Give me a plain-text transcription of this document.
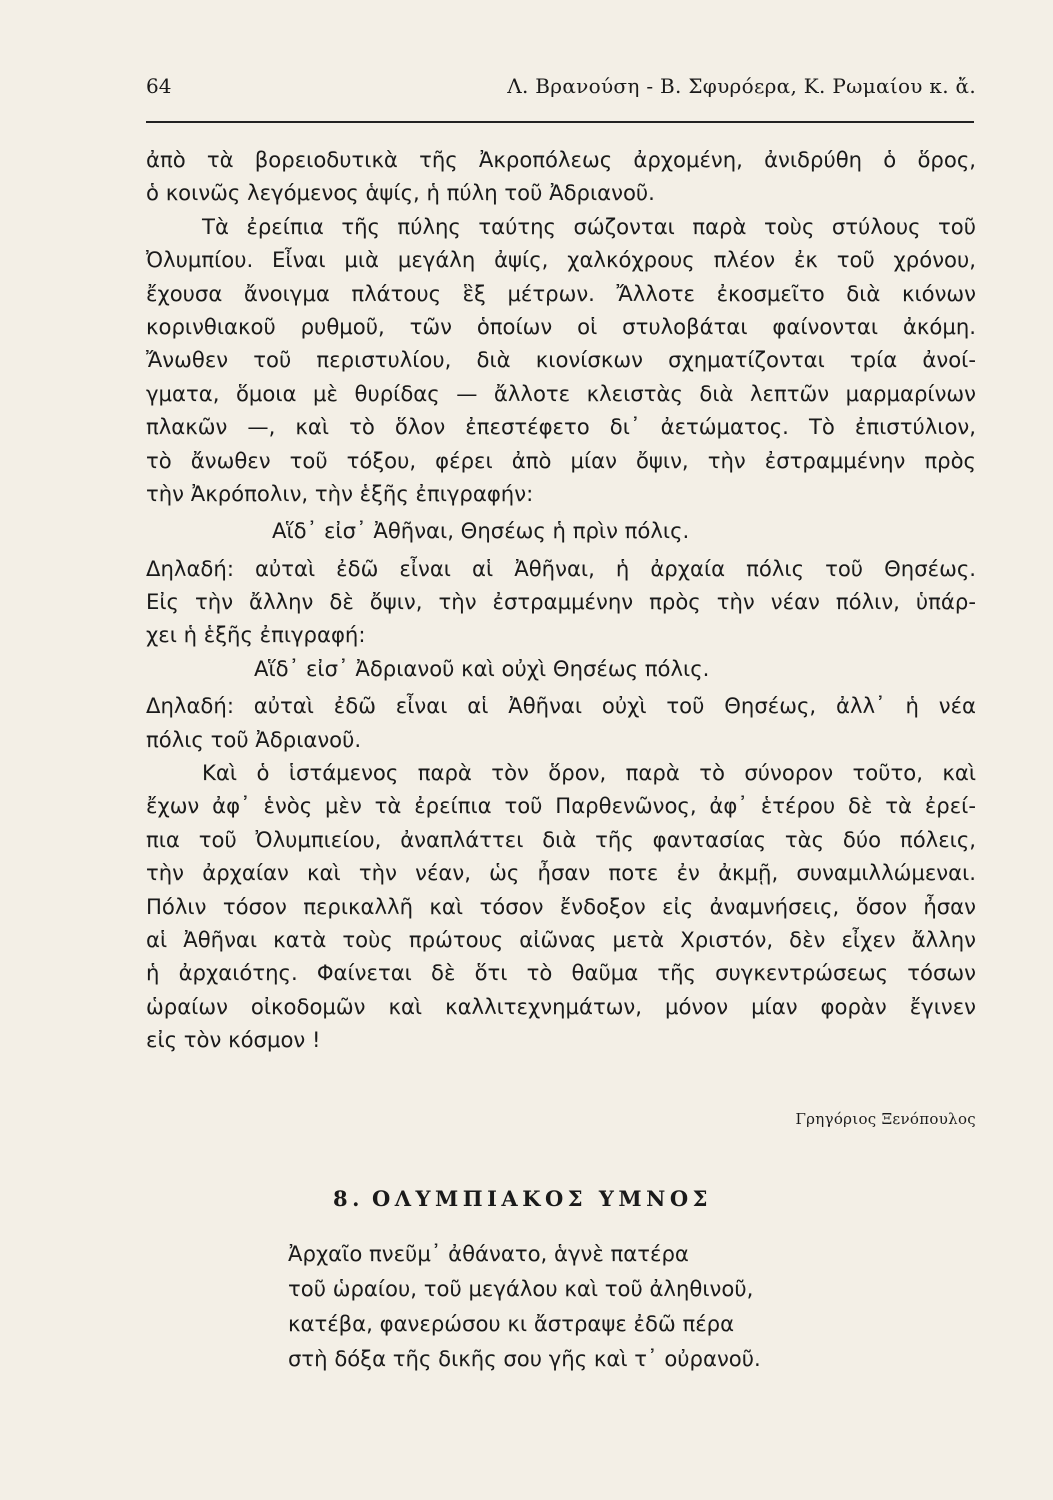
64	Λ. Βρανούση - Β. Σφυρόερα, Κ. Ρωμαίου κ. ἄ.
ἀπὸ τὰ βορειοδυτικὰ τῆς Ἀκροπόλεως ἀρχομένη, ἀνιδρύθη ὁ ὅρος,
ὁ κοινῶς λεγόμενος ἁψίς, ἡ πύλη τοῦ Ἀδριανοῦ.
Τὰ ἐρείπια τῆς πύλης ταύτης σώζονται παρὰ τοὺς στύλους τοῦ
Ὀλυμπίου. Εἶναι μιὰ μεγάλη ἀψίς, χαλκόχρους πλέον ἐκ τοῦ χρόνου,
ἔχουσα ἄνοιγμα πλάτους ἓξ μέτρων. Ἄλλοτε ἐκοσμεῖτο διὰ κιόνων
κορινθιακοῦ ρυθμοῦ, τῶν ὁποίων οἱ στυλοβάται φαίνονται ἀκόμη.
Ἄνωθεν τοῦ περιστυλίου, διὰ κιονίσκων σχηματίζονται τρία ἀνοί-
γματα, ὅμοια μὲ θυρίδας — ἄλλοτε κλειστὰς διὰ λεπτῶν μαρμαρίνων
πλακῶν —, καὶ τὸ ὅλον ἐπεστέφετο δι᾿ ἀετώματος. Τὸ ἐπιστύλιον,
τὸ ἄνωθεν τοῦ τόξου, φέρει ἀπὸ μίαν ὄψιν, τὴν ἐστραμμένην πρὸς
τὴν Ἀκρόπολιν, τὴν ἑξῆς ἐπιγραφήν:
Αἵδ᾿ εἰσ᾿ Ἀθῆναι, Θησέως ἡ πρὶν πόλις.
Δηλαδή: αὐταὶ ἐδῶ εἶναι αἱ Ἀθῆναι, ἡ ἀρχαία πόλις τοῦ Θησέως.
Εἰς τὴν ἄλλην δὲ ὄψιν, τὴν ἐστραμμένην πρὸς τὴν νέαν πόλιν, ὑπάρ-
χει ἡ ἑξῆς ἐπιγραφή:
Αἵδ᾿ εἰσ᾿ Ἀδριανοῦ καὶ οὐχὶ Θησέως πόλις.
Δηλαδή: αὐταὶ ἐδῶ εἶναι αἱ Ἀθῆναι οὐχὶ τοῦ Θησέως, ἀλλ᾿ ἡ νέα
πόλις τοῦ Ἀδριανοῦ.
Καὶ ὁ ἱστάμενος παρὰ τὸν ὅρον, παρὰ τὸ σύνορον τοῦτο, καὶ
ἔχων ἀφ᾿ ἑνὸς μὲν τὰ ἐρείπια τοῦ Παρθενῶνος, ἀφ᾿ ἑτέρου δὲ τὰ ἐρεί-
πια τοῦ Ὀλυμπιείου, ἀναπλάττει διὰ τῆς φαντασίας τὰς δύο πόλεις,
τὴν ἀρχαίαν καὶ τὴν νέαν, ὡς ἦσαν ποτε ἐν ἀκμῇ, συναμιλλώμεναι.
Πόλιν τόσον περικαλλῆ καὶ τόσον ἔνδοξον εἰς ἀναμνήσεις, ὅσον ἦσαν
αἱ Ἀθῆναι κατὰ τοὺς πρώτους αἰῶνας μετὰ Χριστόν, δὲν εἶχεν ἄλλην
ἡ ἀρχαιότης. Φαίνεται δὲ ὅτι τὸ θαῦμα τῆς συγκεντρώσεως τόσων
ὡραίων οἰκοδομῶν καὶ καλλιτεχνημάτων, μόνον μίαν φορὰν ἔγινεν
εἰς τὸν κόσμον !
Γρηγόριος Ξενόπουλος
8. ΟΛΥΜΠΙΑΚΟΣ ΥΜΝΟΣ
Ἀρχαῖο πνεῦμ᾿ ἀθάνατο, ἁγνὲ πατέρα
τοῦ ὡραίου, τοῦ μεγάλου καὶ τοῦ ἀληθινοῦ,
κατέβα, φανερώσου κι ἄστραψε ἐδῶ πέρα
στὴ δόξα τῆς δικῆς σου γῆς καὶ τ᾿ οὐρανοῦ.
